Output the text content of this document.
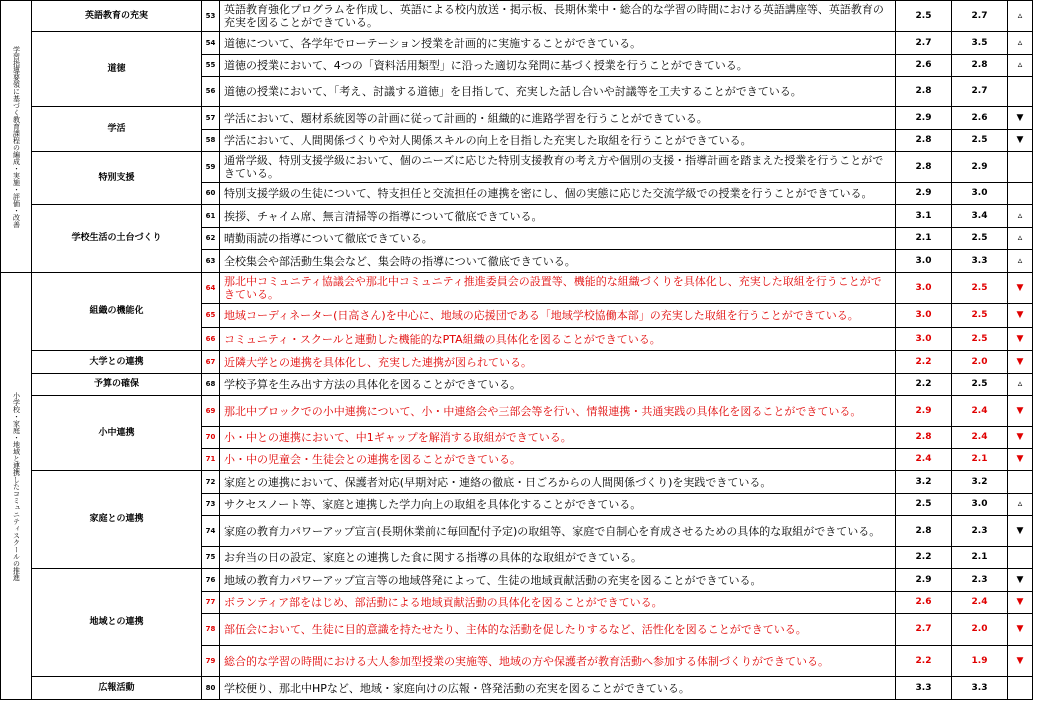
学習指導要領に基づく教育課程の編成・実施・評価・改善	英語教育の充実	53	英語教育強化プログラムを作成し、英語による校内放送・掲示板、長期休業中・総合的な学習の時間における英語講座等、英語教育の充実を図ることができている。	2.5	2.7	▵
	道徳	54	道徳について、各学年でローテーション授業を計画的に実施することができている。	2.7	3.5	▵
		55	道徳の授業において、4つの「資料活用類型」に沿った適切な発問に基づく授業を行うことができている。	2.6	2.8	▵
		56	道徳の授業において、「考え、討議する道徳」を目指して、充実した話し合いや討議等を工夫することができている。	2.8	2.7	
	学活	57	学活において、題材系統図等の計画に従って計画的・組織的に進路学習を行うことができている。	2.9	2.6	▼
		58	学活において、人間関係づくりや対人関係スキルの向上を目指した充実した取組を行うことができている。	2.8	2.5	▼
	特別支援	59	通常学級、特別支援学級において、個のニーズに応じた特別支援教育の考え方や個別の支援・指導計画を踏まえた授業を行うことができている。	2.8	2.9	
		60	特別支援学級の生徒について、特支担任と交流担任の連携を密にし、個の実態に応じた交流学級での授業を行うことができている。	2.9	3.0	
	学校生活の土台づくり	61	挨拶、チャイム席、無言清掃等の指導について徹底できている。	3.1	3.4	▵
		62	晴勤雨読の指導について徹底できている。	2.1	2.5	▵
		63	全校集会や部活動生集会など、集会時の指導について徹底できている。	3.0	3.3	▵
小学校・家庭・地域と連携したコミュニティスクールの推進	組織の機能化	64	那北中コミュニティ協議会や那北中コミュニティ推進委員会の設置等、機能的な組織づくりを具体化し、充実した取組を行うことができている。	3.0	2.5	▼
		65	地域コーディネーター(日高さん)を中心に、地域の応援団である「地域学校協働本部」の充実した取組を行うことができている。	3.0	2.5	▼
		66	コミュニティ・スクールと連動した機能的なPTA組織の具体化を図ることができている。	3.0	2.5	▼
	大学との連携	67	近隣大学との連携を具体化し、充実した連携が図られている。	2.2	2.0	▼
	予算の確保	68	学校予算を生み出す方法の具体化を図ることができている。	2.2	2.5	▵
	小中連携	69	那北中ブロックでの小中連携について、小・中連絡会や三部会等を行い、情報連携・共通実践の具体化を図ることができている。	2.9	2.4	▼
		70	小・中との連携において、中1ギャップを解消する取組ができている。	2.8	2.4	▼
		71	小・中の児童会・生徒会との連携を図ることができている。	2.4	2.1	▼
	家庭との連携	72	家庭との連携において、保護者対応(早期対応・連絡の徹底・日ごろからの人間関係づくり)を実践できている。	3.2	3.2	
		73	サクセスノート等、家庭と連携した学力向上の取組を具体化することができている。	2.5	3.0	▵
		74	家庭の教育力パワーアップ宣言(長期休業前に毎回配付予定)の取組等、家庭で自制心を育成させるための具体的な取組ができている。	2.8	2.3	▼
		75	お弁当の日の設定、家庭との連携した食に関する指導の具体的な取組ができている。	2.2	2.1	
	地域との連携	76	地域の教育力パワーアップ宣言等の地域啓発によって、生徒の地域貢献活動の充実を図ることができている。	2.9	2.3	▼
		77	ボランティア部をはじめ、部活動による地域貢献活動の具体化を図ることができている。	2.6	2.4	▼
		78	部伍会において、生徒に目的意識を持たせたり、主体的な活動を促したりするなど、活性化を図ることができている。	2.7	2.0	▼
		79	総合的な学習の時間における大人参加型授業の実施等、地域の方や保護者が教育活動へ参加する体制づくりができている。	2.2	1.9	▼
	広報活動	80	学校便り、那北中HPなど、地域・家庭向けの広報・啓発活動の充実を図ることができている。	3.3	3.3	
